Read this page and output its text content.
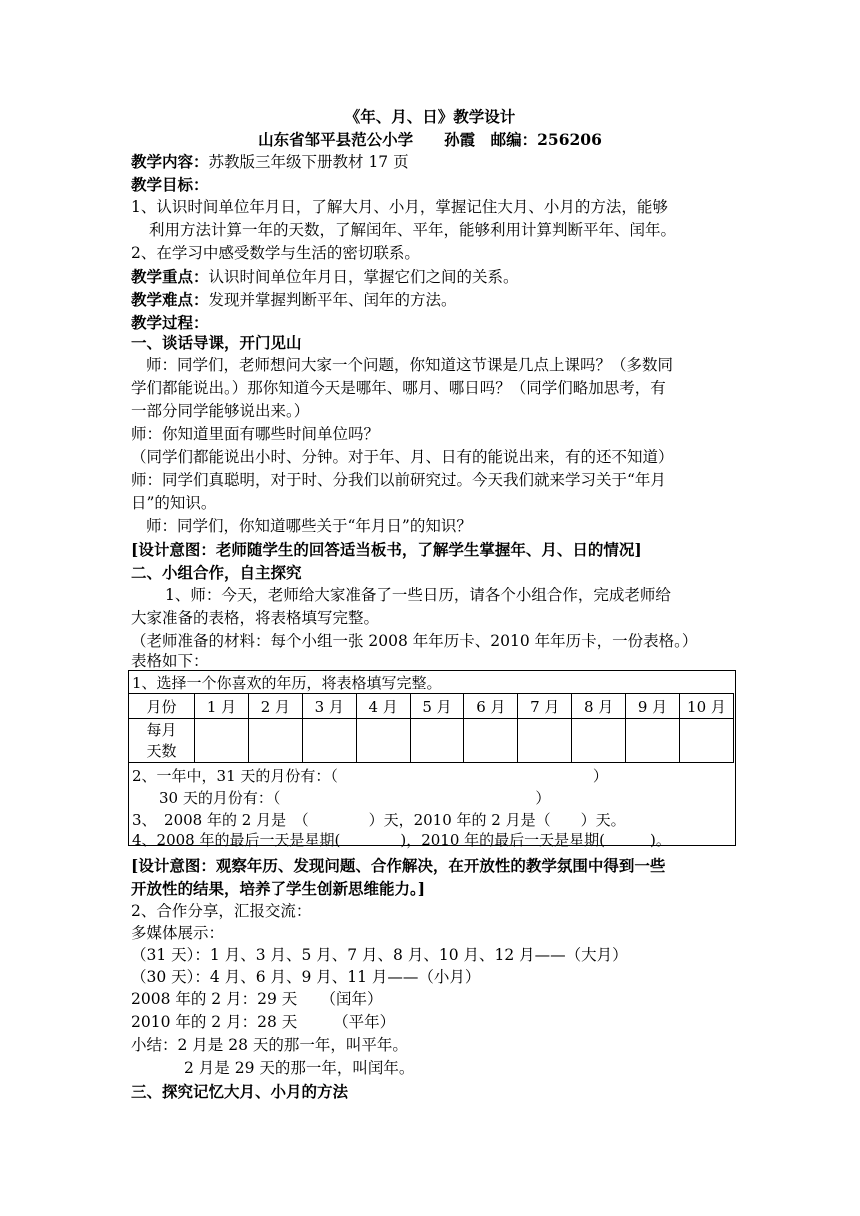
《年、月、日》教学设计
山东省邹平县范公小学　　孙霞　邮编：256206
教学内容：苏教版三年级下册教材 17 页
教学目标：
1、认识时间单位年月日，了解大月、小月，掌握记住大月、小月的方法，能够
利用方法计算一年的天数，了解闰年、平年，能够利用计算判断平年、闰年。
2、在学习中感受数学与生活的密切联系。
教学重点：认识时间单位年月日，掌握它们之间的关系。
教学难点：发现并掌握判断平年、闰年的方法。
教学过程：
一、谈话导课，开门见山
师：同学们，老师想问大家一个问题，你知道这节课是几点上课吗？（多数同
学们都能说出。）那你知道今天是哪年、哪月、哪日吗？（同学们略加思考，有
一部分同学能够说出来。）
师：你知道里面有哪些时间单位吗？
（同学们都能说出小时、分钟。对于年、月、日有的能说出来，有的还不知道）
师：同学们真聪明，对于时、分我们以前研究过。今天我们就来学习关于“年月
日”的知识。
师：同学们，你知道哪些关于“年月日”的知识？
[设计意图：老师随学生的回答适当板书，了解学生掌握年、月、日的情况]
二、小组合作，自主探究
1、师：今天，老师给大家准备了一些日历，请各个小组合作，完成老师给
大家准备的表格，将表格填写完整。
（老师准备的材料：每个小组一张 2008 年年历卡、2010 年年历卡，一份表格。）
表格如下：
1、选择一个你喜欢的年历，将表格填写完整。
月份	1 月	2 月	3 月	4 月	5 月	6 月	7 月	8 月	9 月	10 月
每月
天数										
2、一年中，31 天的月份有：（　　　　　　　　　　　　　　　　　）
30 天的月份有：（　　　　　　　　　　　　　　　　　）
3、　2008 年的 2 月是　（　　　　）天，2010 年的 2 月是（　　）天。
4、2008 年的最后一天是星期(　　　　)，2010 年的最后一天是星期(　　　)。
[设计意图：观察年历、发现问题、合作解决，在开放性的教学氛围中得到一些
开放性的结果，培养了学生创新思维能力。]
2、合作分享，汇报交流：
多媒体展示：
（31 天）：1 月、3 月、5 月、7 月、8 月、10 月、12 月——（大月）
（30 天）：4 月、6 月、9 月、11 月——（小月）
2008 年的 2 月：29 天　　（闰年）
2010 年的 2 月：28 天　　 （平年）
小结：2 月是 28 天的那一年，叫平年。
2 月是 29 天的那一年，叫闰年。
三、探究记忆大月、小月的方法
